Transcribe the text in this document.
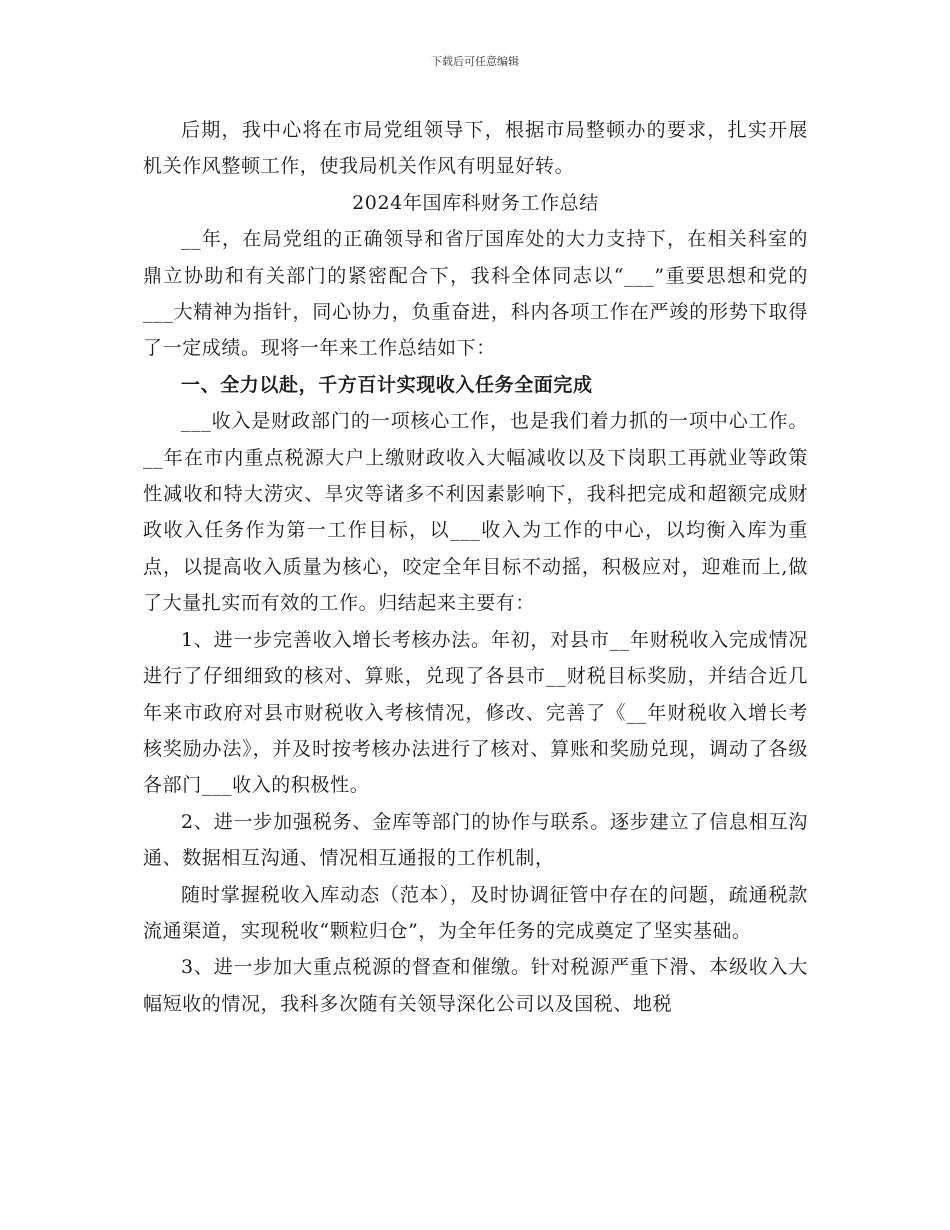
下载后可任意编辑

后期，我中心将在市局党组领导下，根据市局整顿办的要求，扎实开展机关作风整顿工作，使我局机关作风有明显好转。

2024年国库科财务工作总结

__年，在局党组的正确领导和省厅国库处的大力支持下，在相关科室的鼎立协助和有关部门的紧密配合下，我科全体同志以“___”重要思想和党的___大精神为指针，同心协力，负重奋进，科内各项工作在严竣的形势下取得了一定成绩。现将一年来工作总结如下：

一、全力以赴，千方百计实现收入任务全面完成

___收入是财政部门的一项核心工作，也是我们着力抓的一项中心工作。__年在市内重点税源大户上缴财政收入大幅减收以及下岗职工再就业等政策性减收和特大涝灾、旱灾等诸多不利因素影响下，我科把完成和超额完成财政收入任务作为第一工作目标，以___收入为工作的中心，以均衡入库为重点，以提高收入质量为核心，咬定全年目标不动摇，积极应对，迎难而上,做了大量扎实而有效的工作。归结起来主要有：

1、进一步完善收入增长考核办法。年初，对县市__年财税收入完成情况进行了仔细细致的核对、算账，兑现了各县市__财税目标奖励，并结合近几年来市政府对县市财税收入考核情况，修改、完善了《__年财税收入增长考核奖励办法》，并及时按考核办法进行了核对、算账和奖励兑现，调动了各级各部门___收入的积极性。

2、进一步加强税务、金库等部门的协作与联系。逐步建立了信息相互沟通、数据相互沟通、情况相互通报的工作机制，

随时掌握税收入库动态（范本），及时协调征管中存在的问题，疏通税款流通渠道，实现税收“颗粒归仓”，为全年任务的完成奠定了坚实基础。

3、进一步加大重点税源的督查和催缴。针对税源严重下滑、本级收入大幅短收的情况，我科多次随有关领导深化公司以及国税、地税
